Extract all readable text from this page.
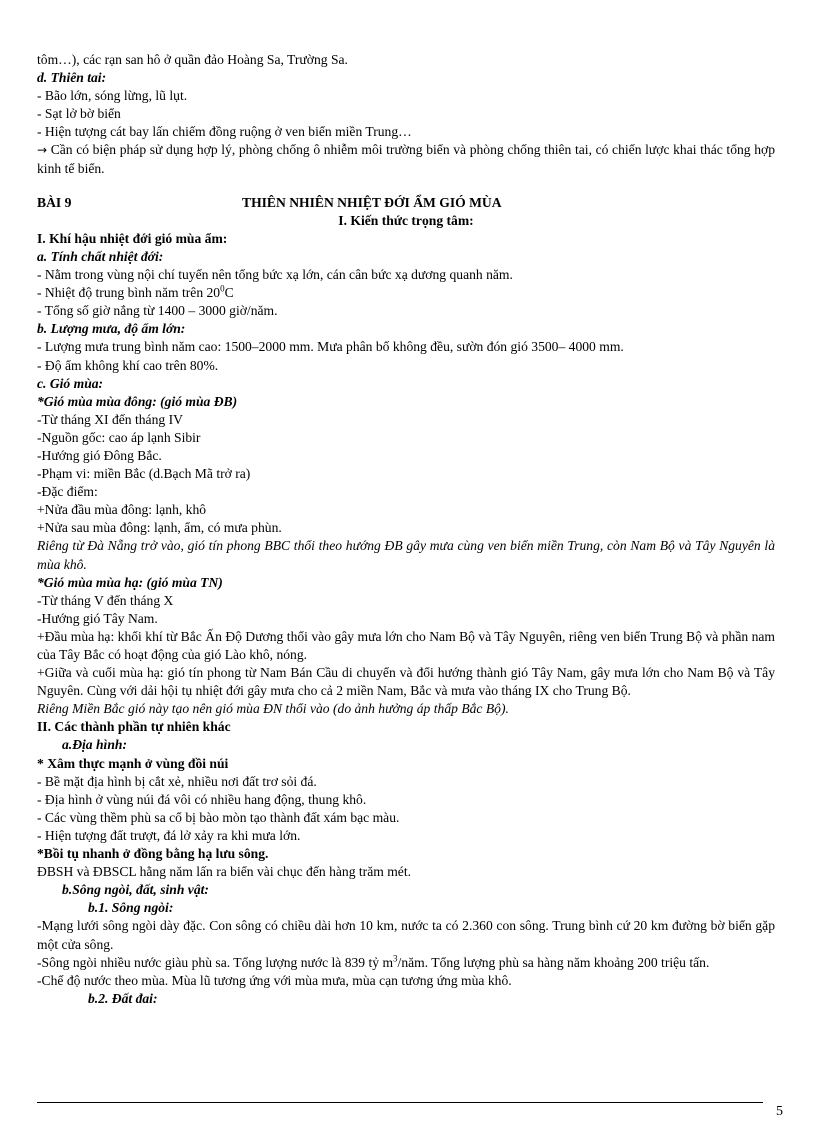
tôm…), các rạn san hô ở quần đảo Hoàng Sa, Trường Sa.

d. Thiên tai:

- Bão lớn, sóng lừng, lũ lụt.

- Sạt lở bờ biển

- Hiện tượng cát bay lấn chiếm đồng ruộng ở ven biển miền Trung…

→ Cần có biện pháp sử dụng hợp lý, phòng chống ô nhiễm môi trường biển và phòng chống thiên tai, có chiến lược khai thác tổng hợp kinh tế biển.

BÀI 9	THIÊN NHIÊN NHIỆT ĐỚI ẨM GIÓ MÙA

I. Kiến thức trọng tâm:

I. Khí hậu nhiệt đới gió mùa ẩm:

a. Tính chất nhiệt đới:

- Nằm trong vùng nội chí tuyến nên tổng bức xạ lớn, cán cân bức xạ dương quanh năm.

- Nhiệt độ trung bình năm trên $20^0C$

- Tổng số giờ nắng từ 1400 – 3000 giờ/năm.

b. Lượng mưa, độ ẩm lớn:

- Lượng mưa trung bình năm cao: 1500–2000 mm. Mưa phân bố không đều, sườn đón gió 3500– 4000 mm.

- Độ ẩm không khí cao trên 80%.

c. Gió mùa:

*Gió mùa mùa đông: (gió mùa ĐB)

-Từ tháng XI đến tháng IV

-Nguồn gốc: cao áp lạnh Sibir

-Hướng gió Đông Bắc.

-Phạm vi: miền Bắc (d.Bạch Mã trở ra)

-Đặc điểm:

+Nửa đầu mùa đông: lạnh, khô

+Nửa sau mùa đông: lạnh, ẩm, có mưa phùn.

Riêng từ Đà Nẵng trở vào, gió tín phong BBC thổi theo hướng ĐB gây mưa cùng ven biển miền Trung, còn Nam Bộ và Tây Nguyên là mùa khô.

*Gió mùa mùa hạ: (gió mùa TN)

-Từ tháng V đến tháng X

-Hướng gió Tây Nam.

+Đầu mùa hạ: khối khí từ Bắc Ấn Độ Dương thổi vào gây mưa lớn cho Nam Bộ và Tây Nguyên, riêng ven biển Trung Bộ và phần nam của Tây Bắc có hoạt động của gió Lào khô, nóng.

+Giữa và cuối mùa hạ: gió tín phong từ Nam Bán Cầu di chuyển và đổi hướng thành gió Tây Nam, gây mưa lớn cho Nam Bộ và Tây Nguyên. Cùng với dải hội tụ nhiệt đới gây mưa cho cả 2 miền Nam, Bắc và mưa vào tháng IX cho Trung Bộ.

Riêng Miền Bắc gió này tạo nên gió mùa ĐN thổi vào (do ảnh hưởng áp thấp Bắc Bộ).

II. Các thành phần tự nhiên khác

a.Địa hình:

* Xâm thực mạnh ở vùng đồi núi

- Bề mặt địa hình bị cắt xẻ, nhiều nơi đất trơ sỏi đá.

- Địa hình ở vùng núi đá vôi có nhiều hang động, thung khô.

- Các vùng thềm phù sa cổ bị bào mòn tạo thành đất xám bạc màu.

- Hiện tượng đất trượt, đá lở xảy ra khi mưa lớn.

*Bồi tụ nhanh ở đồng bằng hạ lưu sông.

ĐBSH và ĐBSCL hằng năm lấn ra biển vài chục đến hàng trăm mét.

b.Sông ngòi, đất, sinh vật:

b.1. Sông ngòi:

-Mạng lưới sông ngòi dày đặc. Con sông có chiều dài hơn 10 km, nước ta có 2.360 con sông. Trung bình cứ 20 km đường bờ biển gặp một cửa sông.

-Sông ngòi nhiều nước giàu phù sa. Tổng lượng nước là 839 tỷ $m^3$/năm. Tổng lượng phù sa hàng năm khoảng 200 triệu tấn.

-Chế độ nước theo mùa. Mùa lũ tương ứng với mùa mưa, mùa cạn tương ứng mùa khô.

b.2. Đất đai:

5
